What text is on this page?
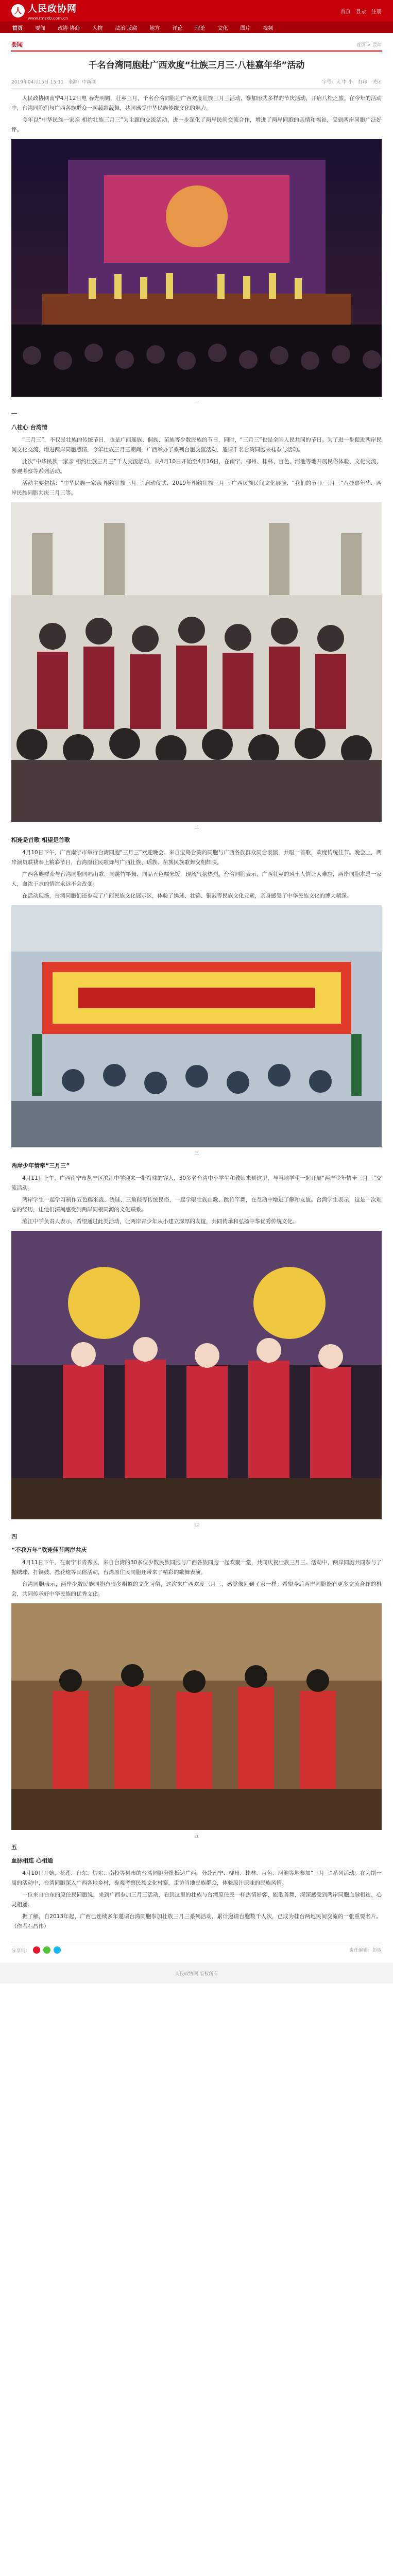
人 人民政协网
www.rmzxb.com.cn
首页 登录 注册
首页	要闻	政协·协商	人物	法治·反腐	地方	评论	理论	文化	图片	视频
要闻	首页 > 要闻
千名台湾同胞赴广西欢度“壮族三月三·八桂嘉年华”活动
2019年04月15日 15:11 来源：中新网	字号：大 中 小 打印 关闭

人民政协网南宁4月12日电 春光明媚，壮乡三月，千名台湾同胞赴广西欢度壮族三月三活动，参加形式多样的节庆活动，开启八桂之旅。在今年的活动中，台湾同胞们与广西各族群众一起载歌载舞，共同感受中华民族传统文化的魅力。

今年以“中华民族一家亲 相约壮族三月三”为主题的交流活动，进一步深化了两岸民间交流合作，增进了两岸同胞的亲情和福祉，受到两岸同胞广泛好评。

一
一
八桂心 台湾情

“三月三”，不仅是壮族的传统节日，也是广西瑶族、侗族、苗族等少数民族的节日，同时，“三月三”也是全国人民共同的节日。为了进一步促进两岸民间文化交流，增进两岸同胞感情，今年壮族三月三期间，广西举办了系列台胞交流活动，邀请千名台湾同胞来桂参与活动。

此次“中华民族一家亲 相约壮族三月三”千人交流活动，从4月10日开始至4月16日，在南宁、柳州、桂林、百色、河池等地开展民俗体验、文化交流、参观考察等系列活动。

活动主要包括：“中华民族一家亲 相约壮族三月三”启动仪式、2019年相约壮族三月三·广西民族民间文化展演、“我们的节日·三月三”八桂嘉年华、两岸民族同胞共庆三月三等。

二
相逢是首歌 相望是首歌

4月10日下午，广西南宁市举行台湾同胞“三月三”欢迎晚会。来自宝岛台湾的同胞与广西各族群众同台表演，共唱一首歌，欢度传统佳节。晚会上，两岸演员联袂奉上精彩节目，台湾原住民歌舞与广西壮族、瑶族、苗族民族歌舞交相辉映。

广西各族群众与台湾同胞同唱山歌、同跳竹竿舞、同品五色糯米饭，现场气氛热烈。台湾同胞表示，广西壮乡的风土人情让人难忘，两岸同胞本是一家人，血浓于水的情谊永远不会改变。

在活动现场，台湾同胞们还参观了广西民族文化展示区，体验了绣球、壮锦、铜鼓等民族文化元素，亲身感受了中华民族文化的博大精深。

三
两岸少年情牵“三月三”

4月11日上午，广西南宁市邕宁区滨江中学迎来一批特殊的客人，30多名台湾中小学生和教师来到这里，与当地学生一起开展“两岸少年情牵三月三”交流活动。

两岸学生一起学习制作五色糯米饭、绣球、三角粽等传统民俗，一起学唱壮族山歌、跳竹竿舞，在互动中增进了解和友谊。台湾学生表示，这是一次难忘的经历，让他们深刻感受到两岸同根同源的文化联系。

滨江中学负责人表示，希望通过此类活动，让两岸青少年从小建立深厚的友谊，共同传承和弘扬中华优秀传统文化。

四
四
“不我万年”欣逢佳节两岸共庆

4月11日下午，在南宁市青秀区，来自台湾的30多位少数民族同胞与广西各族同胞一起欢聚一堂，共同庆祝壮族三月三。活动中，两岸同胞共同参与了抛绣球、打铜鼓、抢花炮等民俗活动，台湾原住民同胞还带来了精彩的歌舞表演。

台湾同胞表示，两岸少数民族同胞有很多相似的文化习俗，这次来广西欢度三月三，感觉像回到了家一样。希望今后两岸同胞能有更多交流合作的机会，共同传承好中华民族的优秀文化。

五
五
血脉相连 心相通

4月10日开始，花莲、台东、屏东、南投等县市的台湾同胞分批抵达广西，分赴南宁、柳州、桂林、百色、河池等地参加“三月三”系列活动。在为期一周的活动中，台湾同胞深入广西各地乡村，参观考察民族文化村寨，走访当地民族群众，体验原汁原味的民族风情。

一位来自台东的原住民同胞说，来到广西参加三月三活动，看到这里的壮族与台湾原住民一样热情好客、能歌善舞，深深感受到两岸同胞血脉相连、心灵相通。

据了解，自2013年起，广西已连续多年邀请台湾同胞参加壮族三月三系列活动，累计邀请台胞数千人次，已成为桂台两地民间交流的一张重要名片。（作者石昌伟）

分享到：	责任编辑：彭敏
人民政协网 版权所有
